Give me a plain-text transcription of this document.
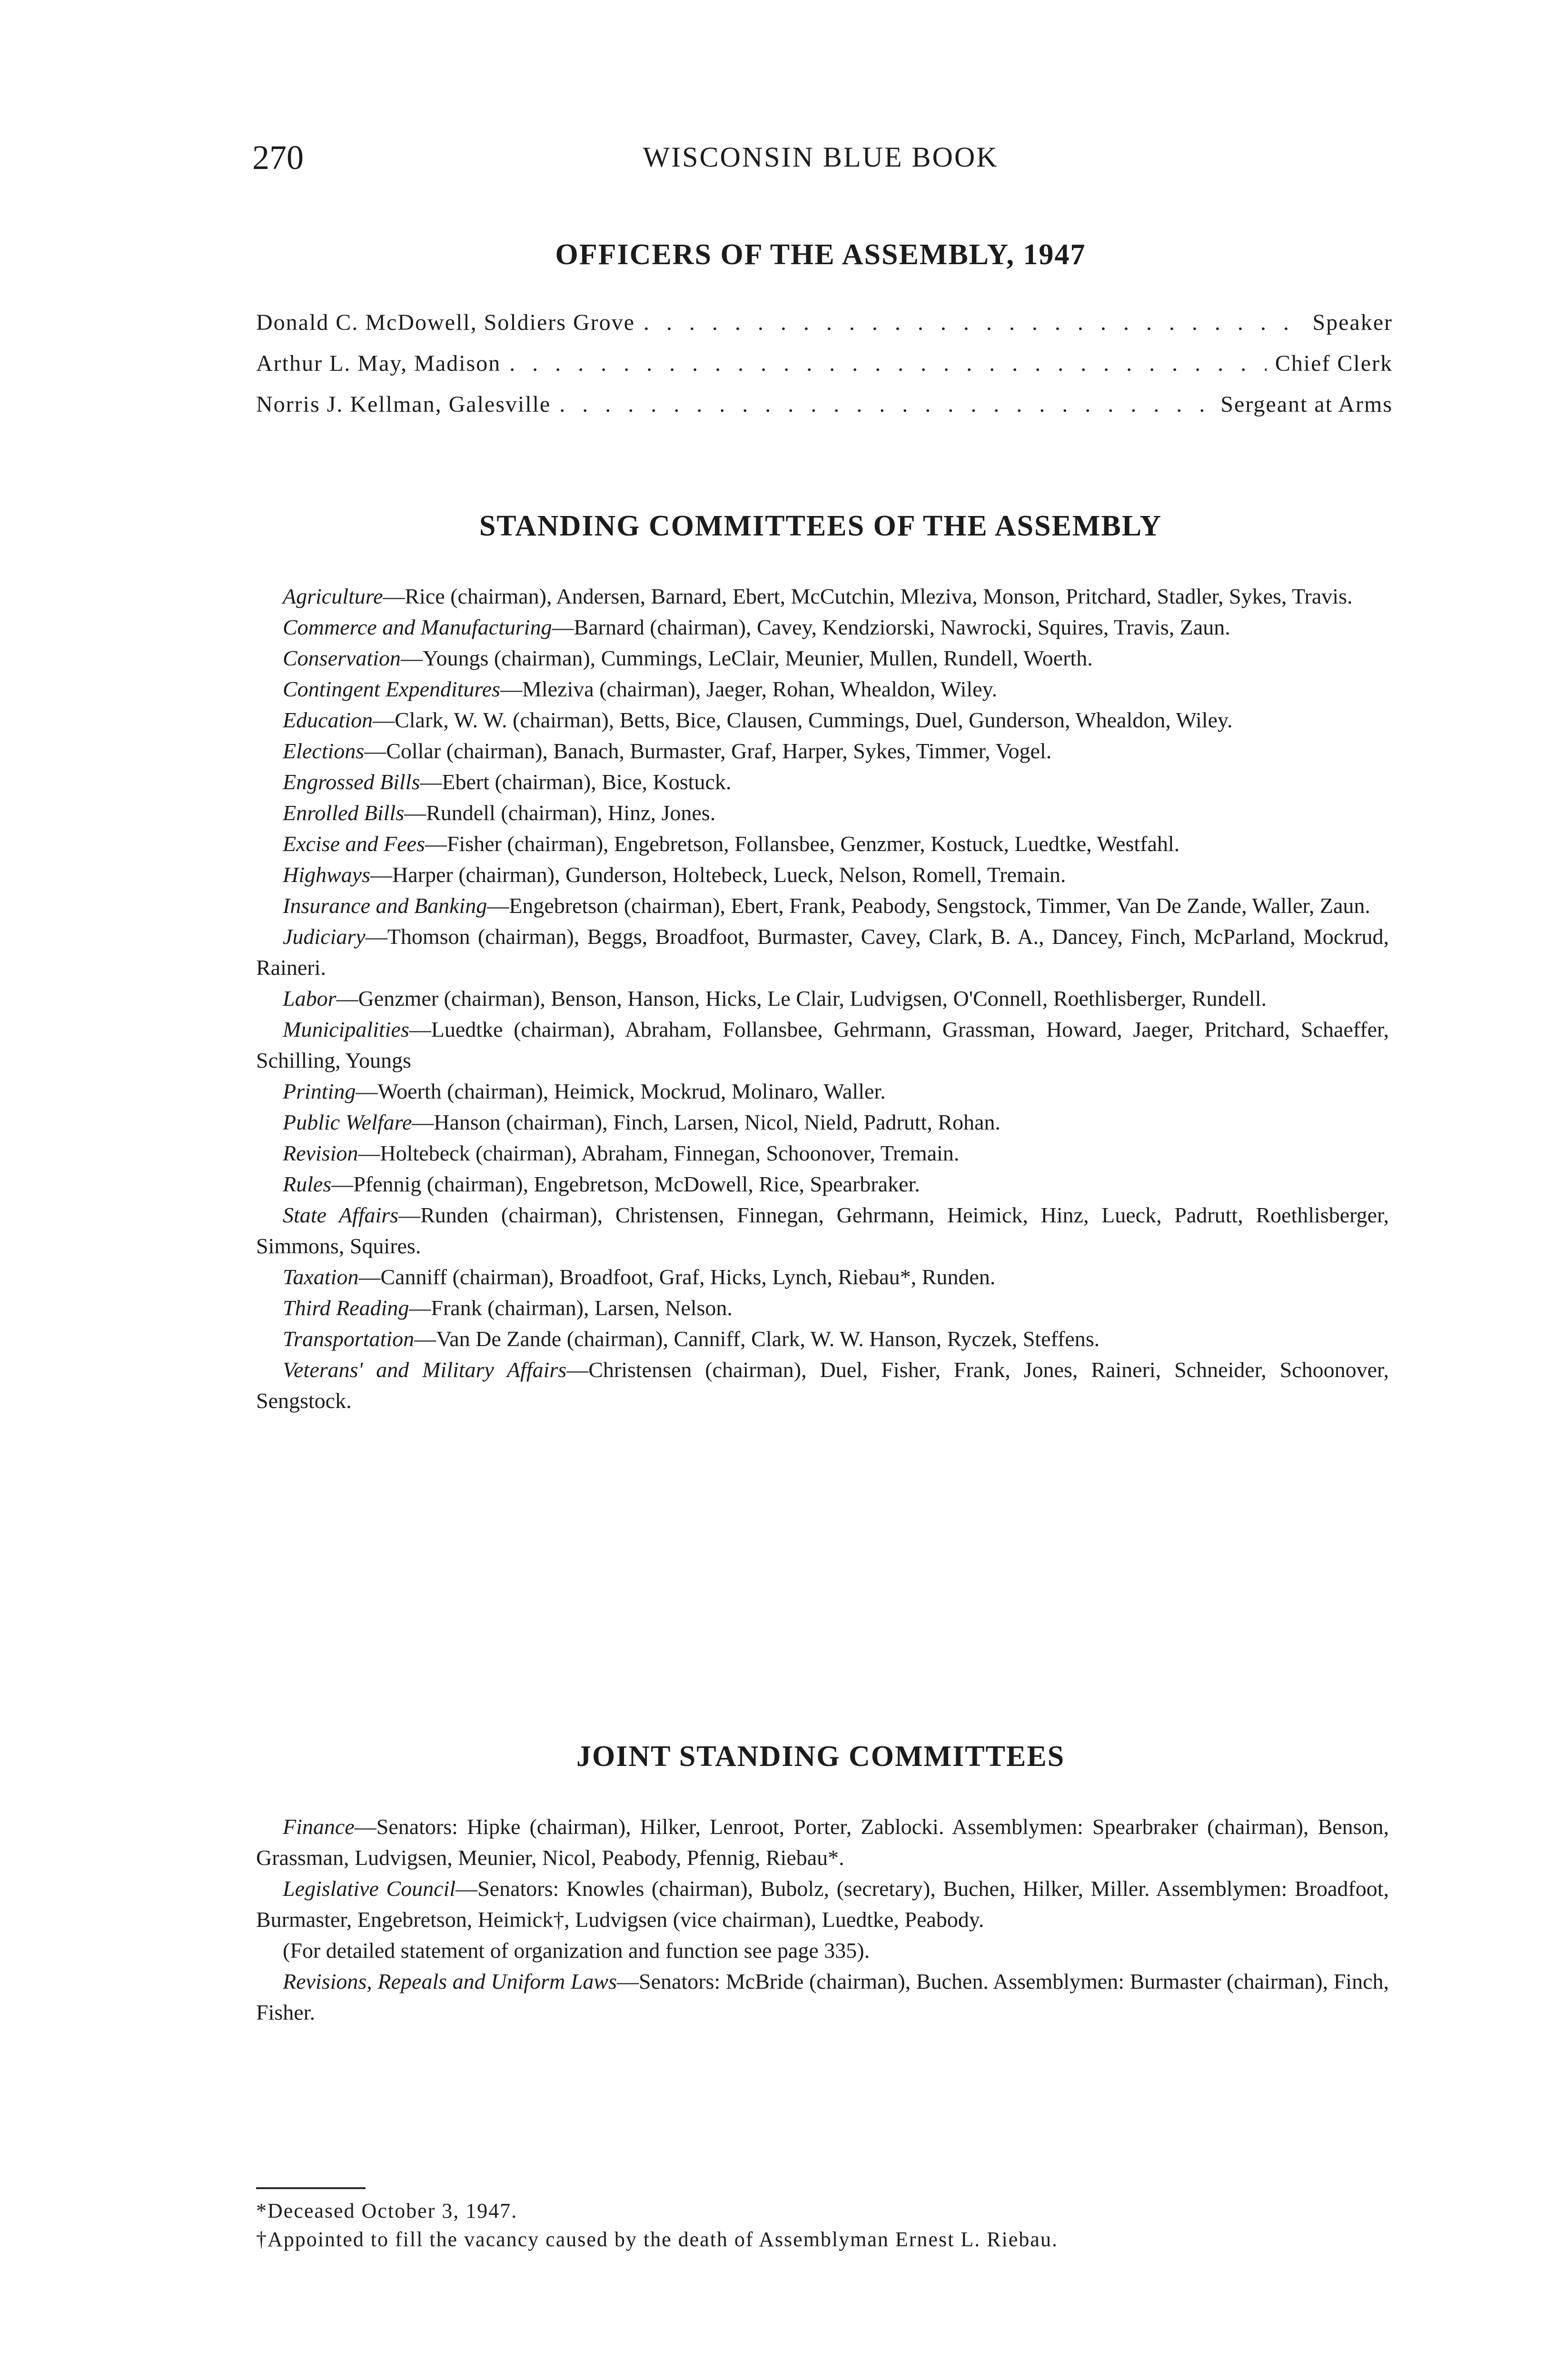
270	WISCONSIN BLUE BOOK
OFFICERS OF THE ASSEMBLY, 1947
Donald C. McDowell, Soldiers Grove . . .	Speaker
Arthur L. May, Madison . . .	Chief Clerk
Norris J. Kellman, Galesville . . .	Sergeant at Arms
STANDING COMMITTEES OF THE ASSEMBLY

Agriculture—Rice (chairman), Andersen, Barnard, Ebert, McCutchin, Mleziva, Monson, Pritchard, Stadler, Sykes, Travis.

Commerce and Manufacturing—Barnard (chairman), Cavey, Kendziorski, Nawrocki, Squires, Travis, Zaun.

Conservation—Youngs (chairman), Cummings, LeClair, Meunier, Mullen, Rundell, Woerth.

Contingent Expenditures—Mleziva (chairman), Jaeger, Rohan, Whealdon, Wiley.

Education—Clark, W. W. (chairman), Betts, Bice, Clausen, Cummings, Duel, Gunderson, Whealdon, Wiley.

Elections—Collar (chairman), Banach, Burmaster, Graf, Harper, Sykes, Timmer, Vogel.

Engrossed Bills—Ebert (chairman), Bice, Kostuck.

Enrolled Bills—Rundell (chairman), Hinz, Jones.

Excise and Fees—Fisher (chairman), Engebretson, Follansbee, Genzmer, Kostuck, Luedtke, Westfahl.

Highways—Harper (chairman), Gunderson, Holtebeck, Lueck, Nelson, Romell, Tremain.

Insurance and Banking—Engebretson (chairman), Ebert, Frank, Peabody, Sengstock, Timmer, Van De Zande, Waller, Zaun.

Judiciary—Thomson (chairman), Beggs, Broadfoot, Burmaster, Cavey, Clark, B. A., Dancey, Finch, McParland, Mockrud, Raineri.

Labor—Genzmer (chairman), Benson, Hanson, Hicks, Le Clair, Ludvigsen, O'Connell, Roethlisberger, Rundell.

Municipalities—Luedtke (chairman), Abraham, Follansbee, Gehrmann, Grassman, Howard, Jaeger, Pritchard, Schaeffer, Schilling, Youngs

Printing—Woerth (chairman), Heimick, Mockrud, Molinaro, Waller.

Public Welfare—Hanson (chairman), Finch, Larsen, Nicol, Nield, Padrutt, Rohan.

Revision—Holtebeck (chairman), Abraham, Finnegan, Schoonover, Tremain.

Rules—Pfennig (chairman), Engebretson, McDowell, Rice, Spearbraker.

State Affairs—Runden (chairman), Christensen, Finnegan, Gehrmann, Heimick, Hinz, Lueck, Padrutt, Roethlisberger, Simmons, Squires.

Taxation—Canniff (chairman), Broadfoot, Graf, Hicks, Lynch, Riebau*, Runden.

Third Reading—Frank (chairman), Larsen, Nelson.

Transportation—Van De Zande (chairman), Canniff, Clark, W. W. Hanson, Ryczek, Steffens.

Veterans' and Military Affairs—Christensen (chairman), Duel, Fisher, Frank, Jones, Raineri, Schneider, Schoonover, Sengstock.

JOINT STANDING COMMITTEES

Finance—Senators: Hipke (chairman), Hilker, Lenroot, Porter, Zablocki. Assemblymen: Spearbraker (chairman), Benson, Grassman, Ludvigsen, Meunier, Nicol, Peabody, Pfennig, Riebau*.

Legislative Council—Senators: Knowles (chairman), Bubolz, (secretary), Buchen, Hilker, Miller. Assemblymen: Broadfoot, Burmaster, Engebretson, Heimick†, Ludvigsen (vice chairman), Luedtke, Peabody.

(For detailed statement of organization and function see page 335).

Revisions, Repeals and Uniform Laws—Senators: McBride (chairman), Buchen. Assemblymen: Burmaster (chairman), Finch, Fisher.

*Deceased October 3, 1947.

†Appointed to fill the vacancy caused by the death of Assemblyman Ernest L. Riebau.
